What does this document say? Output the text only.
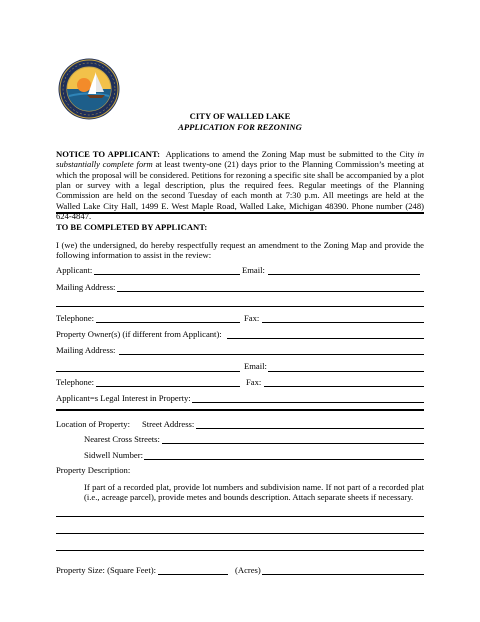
CITY OF WALLED LAKE
APPLICATION FOR REZONING
NOTICE TO APPLICANT: Applications to amend the Zoning Map must be submitted to the City in substantially complete form at least twenty-one (21) days prior to the Planning Commission’s meeting at which the proposal will be considered. Petitions for rezoning a specific site shall be accompanied by a plot plan or survey with a legal description, plus the required fees. Regular meetings of the Planning Commission are held on the second Tuesday of each month at 7:30 p.m. All meetings are held at the Walled Lake City Hall, 1499 E. West Maple Road, Walled Lake, Michigan 48390. Phone number (248) 624-4847.
TO BE COMPLETED BY APPLICANT:
I (we) the undersigned, do hereby respectfully request an amendment to the Zoning Map and provide the following information to assist in the review:
Applicant:	Email:
Mailing Address:
Telephone:	Fax:
Property Owner(s) (if different from Applicant):
Mailing Address:
Email:
Telephone:	Fax:
Applicant=s Legal Interest in Property:
Location of Property: Street Address:
Nearest Cross Streets:
Sidwell Number:
Property Description:
If part of a recorded plat, provide lot numbers and subdivision name. If not part of a recorded plat (i.e., acreage parcel), provide metes and bounds description. Attach separate sheets if necessary.
Property Size: (Square Feet):	(Acres)
